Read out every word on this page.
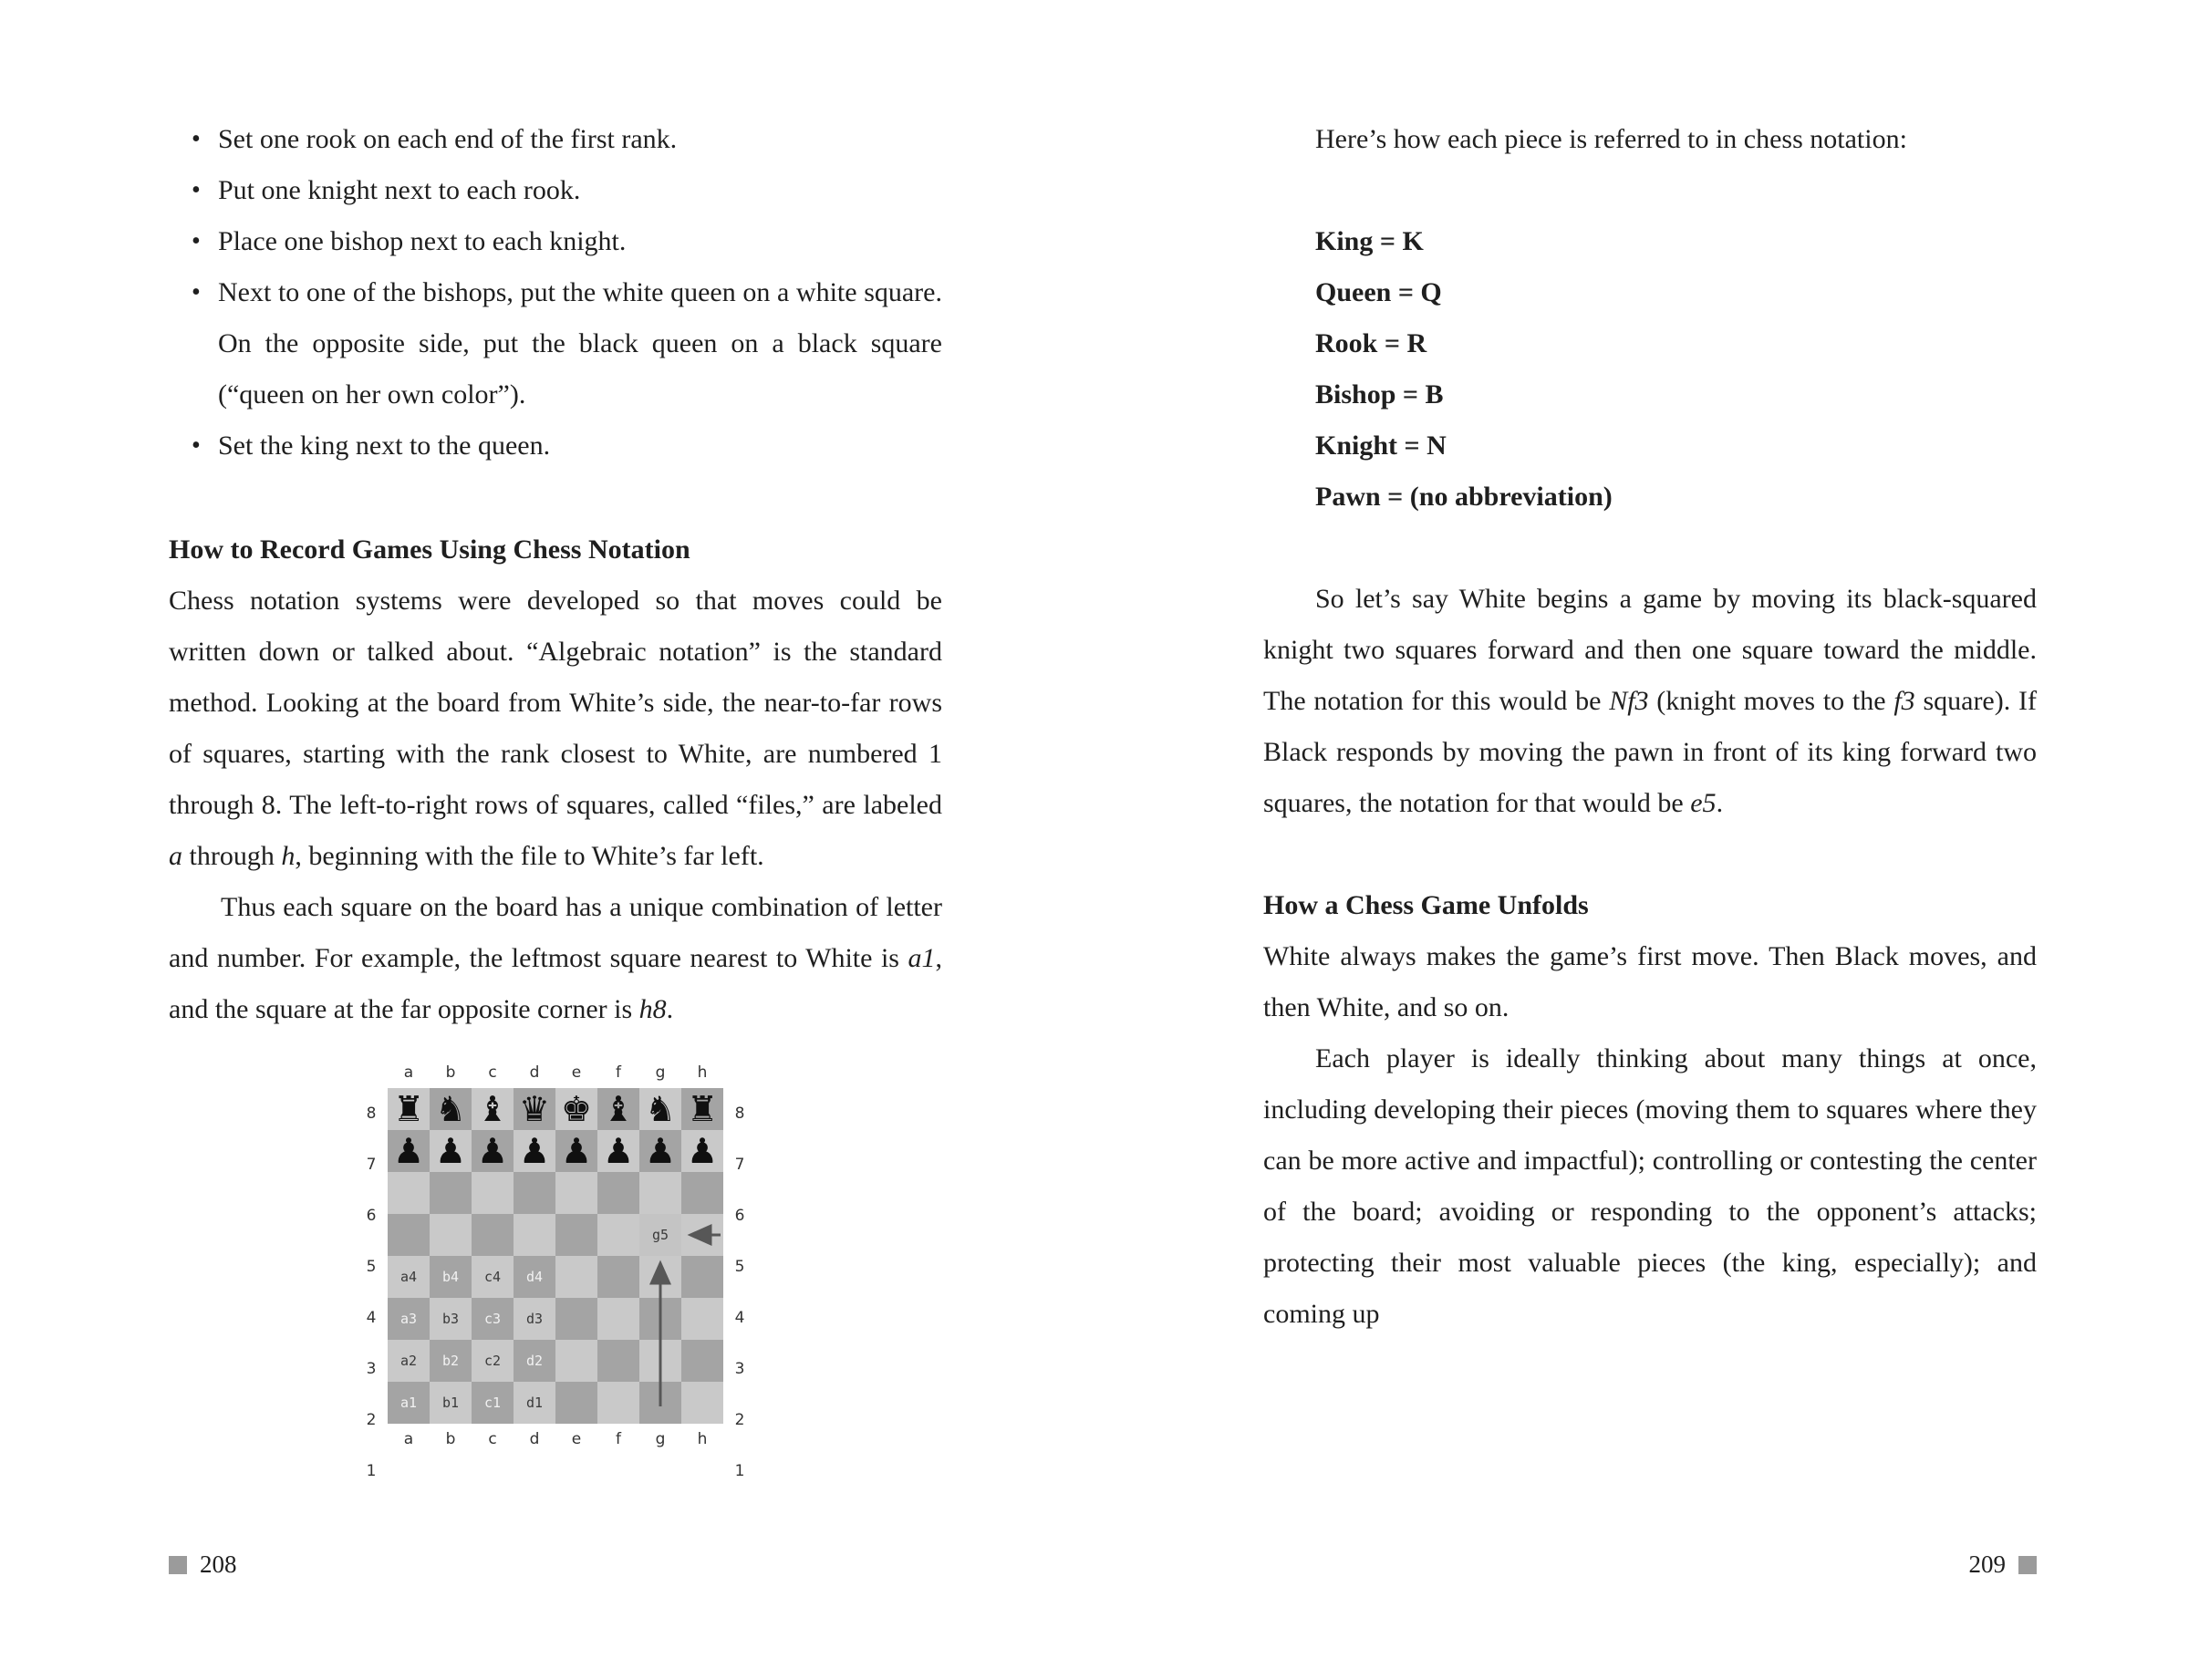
• Set one rook on each end of the first rank.
• Put one knight next to each rook.
• Place one bishop next to each knight.
• Next to one of the bishops, put the white queen on a white square. On the opposite side, put the black queen on a black square (“queen on her own color”).
• Set the king next to the queen.
How to Record Games Using Chess Notation

Chess notation systems were developed so that moves could be written down or talked about. “Algebraic notation” is the standard method. Looking at the board from White’s side, the near-to-far rows of squares, starting with the rank closest to White, are numbered 1 through 8. The left-to-right rows of squares, called “files,” are labeled a through h, beginning with the file to White’s far left.

Thus each square on the board has a unique combination of letter and number. For example, the leftmost square nearest to White is a1, and the square at the far opposite corner is h8.

a	b	c	d	e	f	g	h
8
7
6
5
4
3
2
1
♜ ♞ ♝ ♛ ♚ ♝ ♞ ♜
♟ ♟ ♟ ♟ ♟ ♟ ♟ ♟
g5
a4 b4 c4 d4
a3 b3 c3 d3
a2 b2 c2 d2
a1 b1 c1 d1
8
7
6
5
4
3
2
1
a	b	c	d	e	f	g	h

Here’s how each piece is referred to in chess notation:

King = K
Queen = Q
Rook = R
Bishop = B
Knight = N
Pawn = (no abbreviation)

So let’s say White begins a game by moving its black-squared knight two squares forward and then one square toward the middle. The notation for this would be Nf3 (knight moves to the f3 square). If Black responds by moving the pawn in front of its king forward two squares, the notation for that would be e5.

How a Chess Game Unfolds

White always makes the game’s first move. Then Black moves, and then White, and so on.

Each player is ideally thinking about many things at once, including developing their pieces (moving them to squares where they can be more active and impactful); controlling or contesting the center of the board; avoiding or responding to the opponent’s attacks; protecting their most valuable pieces (the king, especially); and coming up

208	209
